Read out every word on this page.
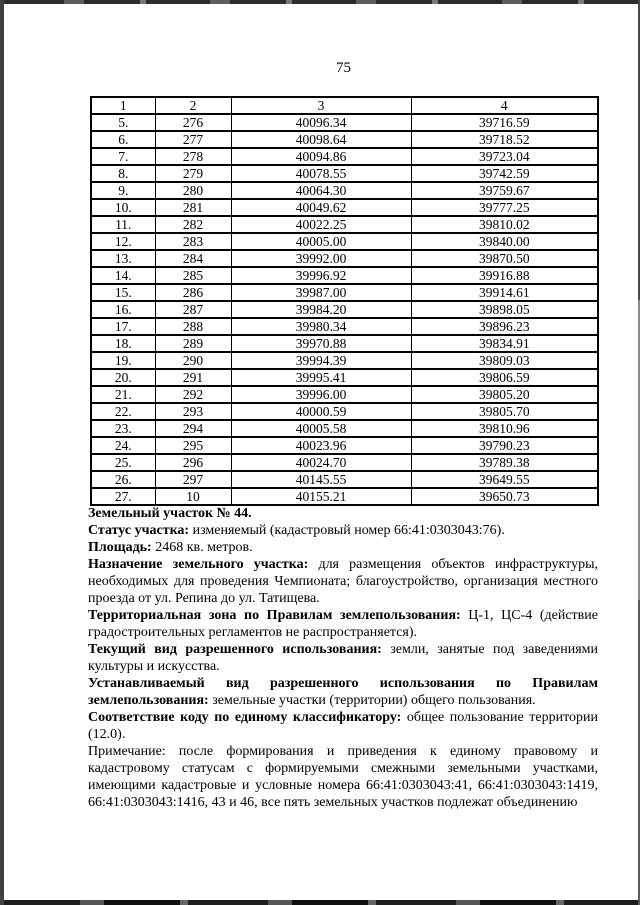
75
1	2	3	4
5.	276	40096.34	39716.59
6.	277	40098.64	39718.52
7.	278	40094.86	39723.04
8.	279	40078.55	39742.59
9.	280	40064.30	39759.67
10.	281	40049.62	39777.25
11.	282	40022.25	39810.02
12.	283	40005.00	39840.00
13.	284	39992.00	39870.50
14.	285	39996.92	39916.88
15.	286	39987.00	39914.61
16.	287	39984.20	39898.05
17.	288	39980.34	39896.23
18.	289	39970.88	39834.91
19.	290	39994.39	39809.03
20.	291	39995.41	39806.59
21.	292	39996.00	39805.20
22.	293	40000.59	39805.70
23.	294	40005.58	39810.96
24.	295	40023.96	39790.23
25.	296	40024.70	39789.38
26.	297	40145.55	39649.55
27.	10	40155.21	39650.73

Земельный участок № 44.

Статус участка: изменяемый (кадастровый номер 66:41:0303043:76).

Площадь: 2468 кв. метров.

Назначение земельного участка: для размещения объектов инфраструктуры, необходимых для проведения Чемпионата; благоустройство, организация местного проезда от ул. Репина до ул. Татищева.

Территориальная зона по Правилам землепользования: Ц-1, ЦС-4 (действие градостроительных регламентов не распространяется).

Текущий вид разрешенного использования: земли, занятые под заведениями культуры и искусства.

Устанавливаемый вид разрешенного использования по Правилам землепользования: земельные участки (территории) общего пользования.

Соответствие коду по единому классификатору: общее пользование территории (12.0).

Примечание: после формирования и приведения к единому правовому и кадастровому статусам с формируемыми смежными земельными участками, имеющими кадастровые и условные номера 66:41:0303043:41, 66:41:0303043:1419, 66:41:0303043:1416, 43 и 46, все пять земельных участков подлежат объединению
